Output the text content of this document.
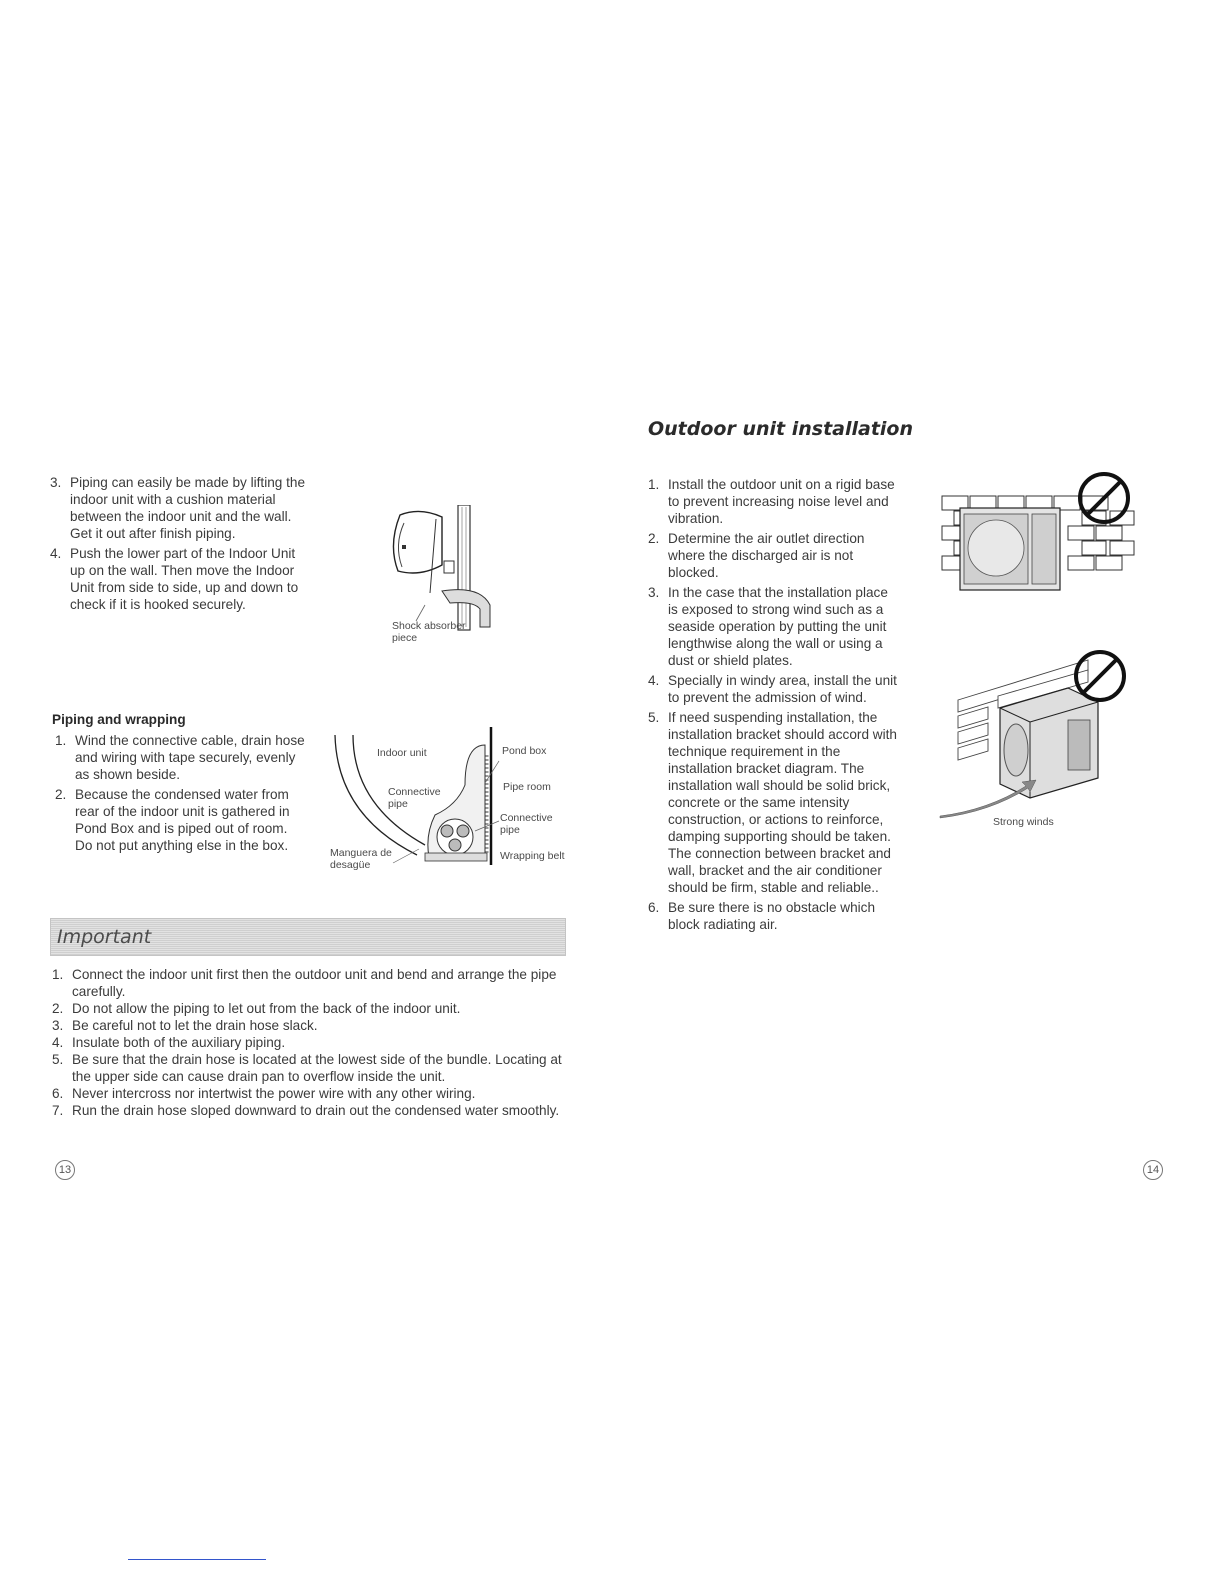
3. Piping can easily be made by lifting the indoor unit with a cushion material between the indoor unit and the wall. Get it out after finish piping.
4. Push the lower part of the Indoor Unit up on the wall. Then move the Indoor Unit from side to side, up and down to check if it is hooked securely.
Shock absorber piece
Piping and wrapping
1. Wind the connective cable, drain hose and wiring with tape securely, evenly as shown beside.
2. Because the condensed water from rear of the indoor unit is gathered in Pond Box and is piped out of room. Do not put anything else in the box.
Indoor unit	Pond box
Connective pipe
Pipe room
Connective pipe
Manguera de desagüe
Wrapping belt
Important
1. Connect the indoor unit first then the outdoor unit and bend and arrange the pipe carefully.
2. Do not allow the piping to let out from the back of the indoor unit.
3. Be careful not to let the drain hose slack.
4. Insulate both of the auxiliary piping.
5. Be sure that the drain hose is located at the lowest side of the bundle. Locating at the upper side can cause drain pan to overflow inside the unit.
6. Never intercross nor intertwist the power wire with any other wiring.
7. Run the drain hose sloped downward to drain out the condensed water smoothly.
13
Outdoor unit installation
1. Install the outdoor unit on a rigid base to prevent increasing noise level and vibration.
2. Determine the air outlet direction where the discharged air is not blocked.
3. In the case that the installation place is exposed to strong wind such as a seaside operation by putting the unit lengthwise along the wall or using a dust or shield plates.
4. Specially in windy area, install the unit to prevent the admission of wind.
5. If need suspending installation, the installation bracket should accord with technique requirement in the installation bracket diagram. The installation wall should be solid brick, concrete or the same intensity construction, or actions to reinforce, damping supporting should be taken. The connection between bracket and wall, bracket and the air conditioner should be firm, stable and reliable..
6. Be sure there is no obstacle which block radiating air.
Strong winds
14
